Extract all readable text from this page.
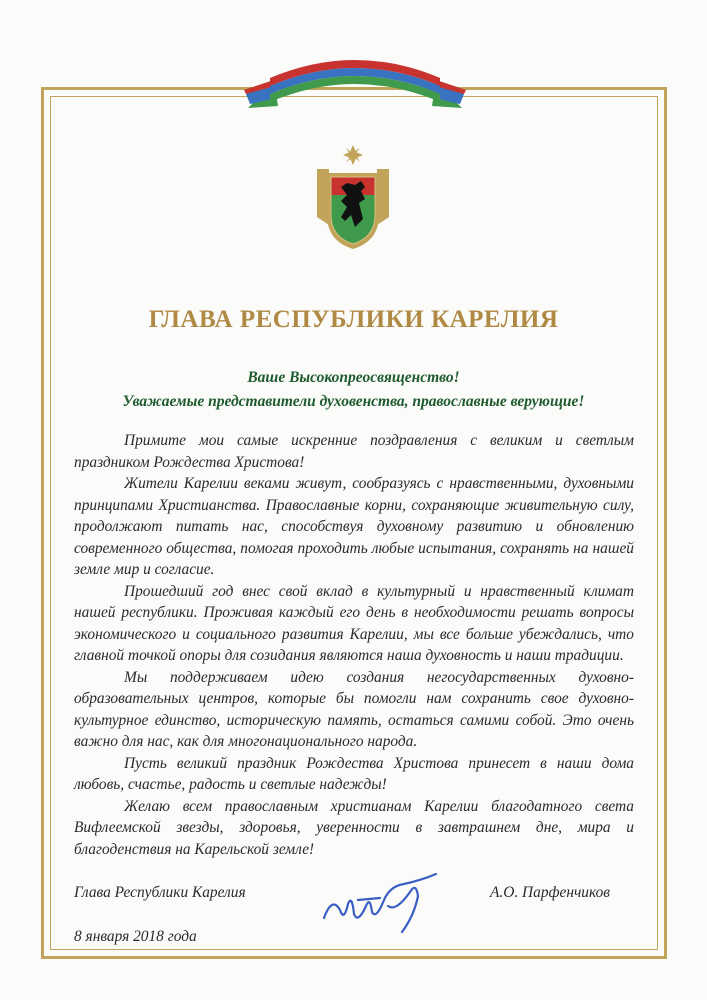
ГЛАВА РЕСПУБЛИКИ КАРЕЛИЯ
Ваше Высокопреосвященство!
Уважаемые представители духовенства, православные верующие!

Примите мои самые искренние поздравления с великим и светлым праздником Рождества Христова!

Жители Карелии веками живут, сообразуясь с нравственными, духовными принципами Христианства. Православные корни, сохраняющие живительную силу, продолжают питать нас, способствуя духовному развитию и обновлению современного общества, помогая проходить любые испытания, сохранять на нашей земле мир и согласие.

Прошедший год внес свой вклад в культурный и нравственный климат нашей республики. Проживая каждый его день в необходимости решать вопросы экономического и социального развития Карелии, мы все больше убеждались, что главной точкой опоры для созидания являются наша духовность и наши традиции.

Мы поддерживаем идею создания негосударственных духовно-образовательных центров, которые бы помогли нам сохранить свое духовно-культурное единство, историческую память, остаться самими собой. Это очень важно для нас, как для многонационального народа.

Пусть великий праздник Рождества Христова принесет в наши дома любовь, счастье, радость и светлые надежды!

Желаю всем православным христианам Карелии благодатного света Вифлеемской звезды, здоровья, уверенности в завтрашнем дне, мира и благоденствия на Карельской земле!

Глава Республики Карелия	А.О. Парфенчиков
8 января 2018 года
